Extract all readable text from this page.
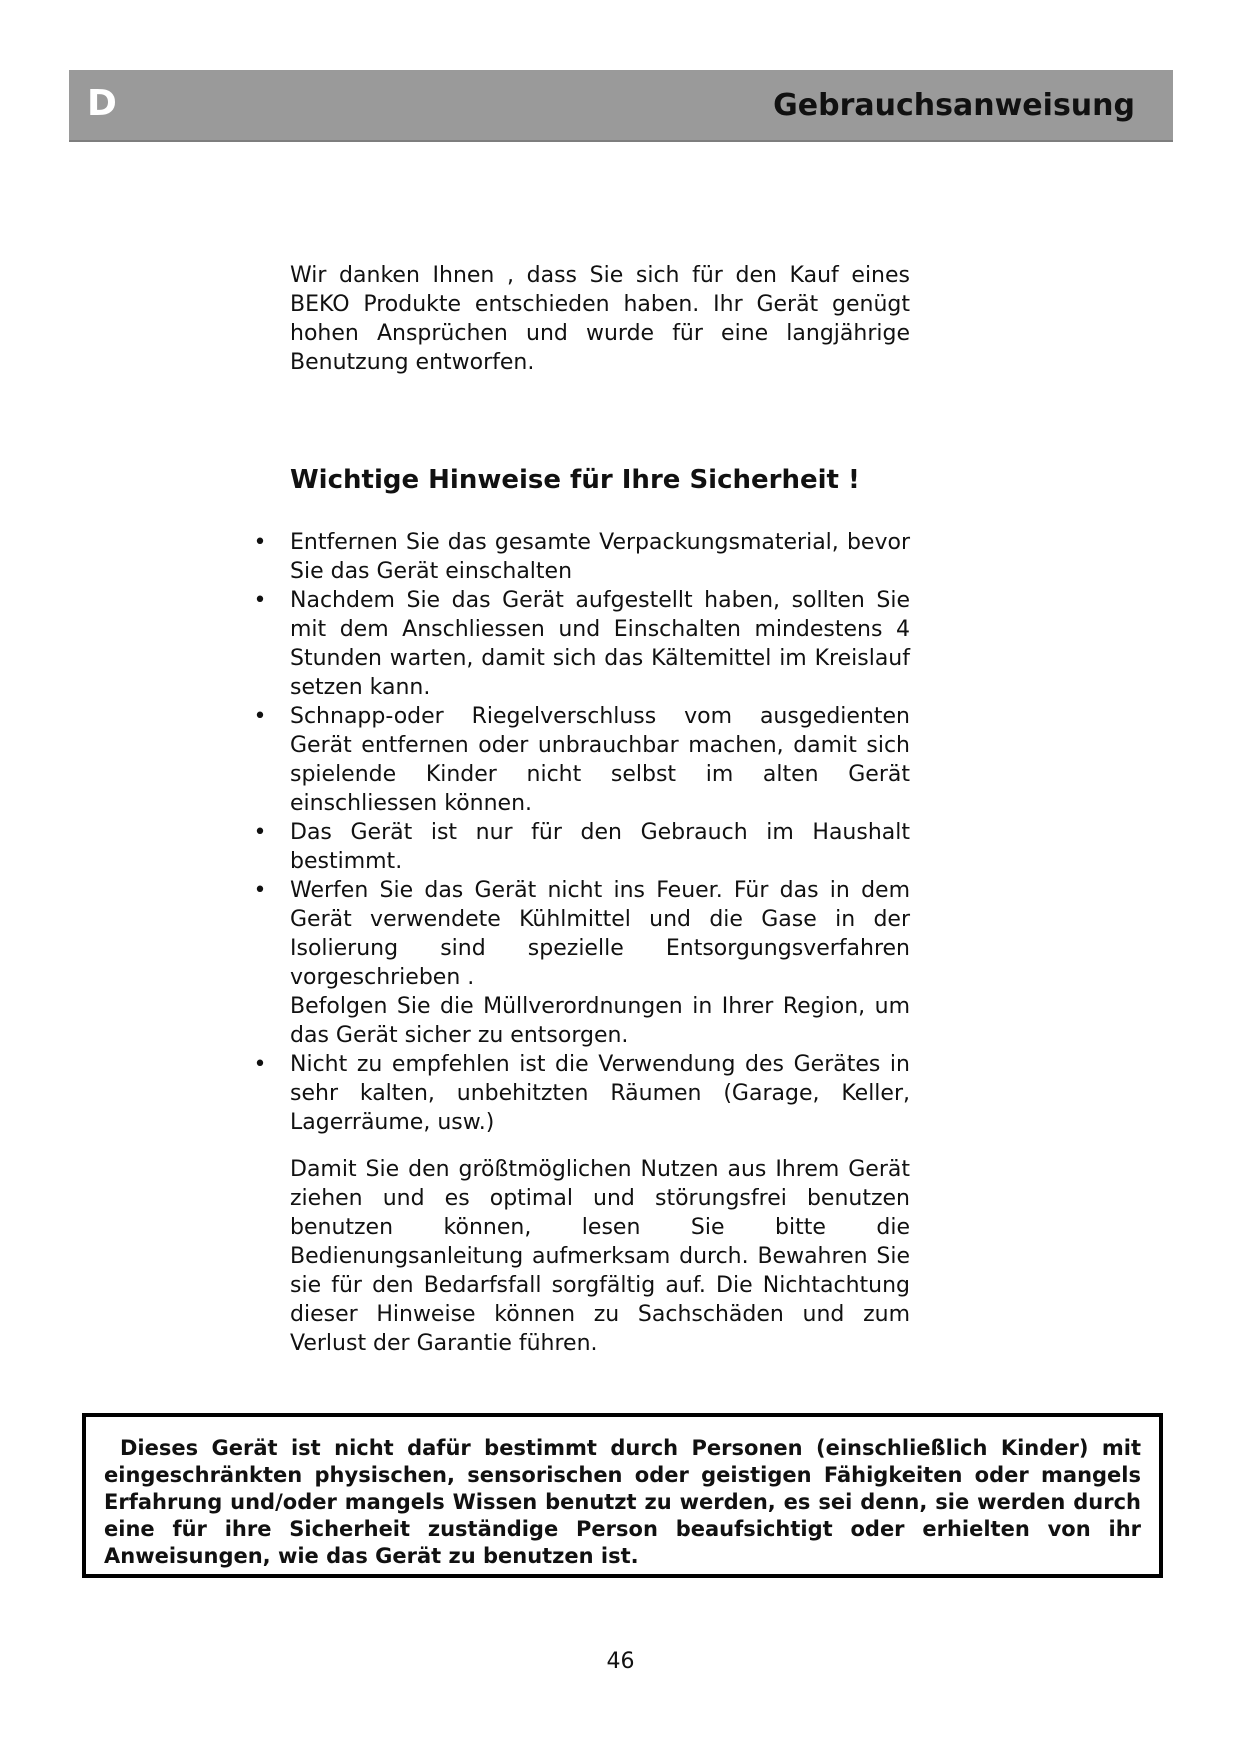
D	Gebrauchsanweisung

Wir danken Ihnen , dass Sie sich für den Kauf eines BEKO Produkte entschieden haben. Ihr Gerät genügt hohen Ansprüchen und wurde für eine langjährige Benutzung entworfen.

Wichtige Hinweise für Ihre Sicherheit !
• Entfernen Sie das gesamte Verpackungsmaterial, bevor Sie das Gerät einschalten
• Nachdem Sie das Gerät aufgestellt haben, sollten Sie mit dem Anschliessen und Einschalten mindestens 4 Stunden warten, damit sich das Kältemittel im Kreislauf setzen kann.
• Schnapp-oder Riegelverschluss vom ausgedienten Gerät entfernen oder unbrauchbar machen, damit sich spielende Kinder nicht selbst im alten Gerät einschliessen können.
• Das Gerät ist nur für den Gebrauch im Haushalt bestimmt.
• Werfen Sie das Gerät nicht ins Feuer. Für das in dem Gerät verwendete Kühlmittel und die Gase in der Isolierung sind spezielle Entsorgungsverfahren vorgeschrieben .
Befolgen Sie die Müllverordnungen in Ihrer Region, um das Gerät sicher zu entsorgen.
• Nicht zu empfehlen ist die Verwendung des Gerätes in sehr kalten, unbehitzten Räumen (Garage, Keller, Lagerräume, usw.)

Damit Sie den größtmöglichen Nutzen aus Ihrem Gerät ziehen und es optimal und störungsfrei benutzen benutzen können, lesen Sie bitte die Bedienungsanleitung aufmerksam durch. Bewahren Sie sie für den Bedarfsfall sorgfältig auf. Die Nichtachtung dieser Hinweise können zu Sachschäden und zum Verlust der Garantie führen.

Dieses Gerät ist nicht dafür bestimmt durch Personen (einschließlich Kinder) mit eingeschränkten physischen, sensorischen oder geistigen Fähigkeiten oder mangels Erfahrung und/oder mangels Wissen benutzt zu werden, es sei denn, sie werden durch eine für ihre Sicherheit zuständige Person beaufsichtigt oder erhielten von ihr Anweisungen, wie das Gerät zu benutzen ist.

46
